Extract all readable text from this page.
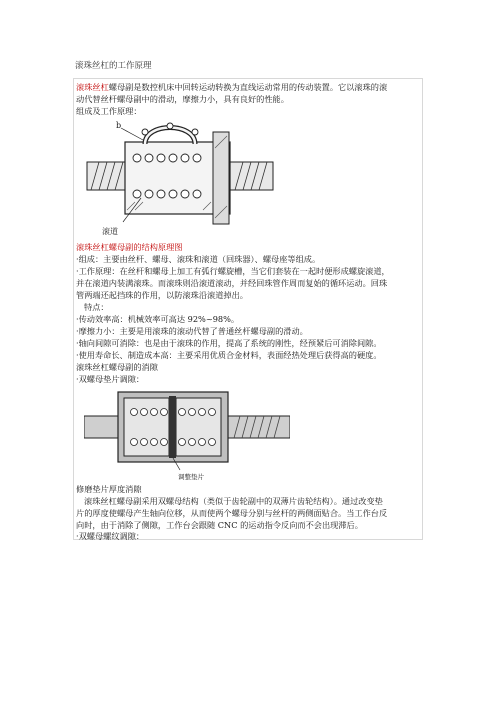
滚珠丝杠的工作原理
滚珠丝杠螺母副是数控机床中回转运动转换为直线运动常用的传动装置。它以滚珠的滚
动代替丝杆螺母副中的滑动，摩擦力小，具有良好的性能。
组成及工作原理：
b
滚道
滚珠丝杠螺母副的结构原理图
·组成：主要由丝杆、螺母、滚珠和滚道（回珠器）、螺母座等组成。
·工作原理：在丝杆和螺母上加工有弧行螺旋槽，当它们套装在一起时便形成螺旋滚道，
并在滚道内装满滚珠。而滚珠则沿滚道滚动，并经回珠管作周而复始的循环运动。回珠
管两端还起挡珠的作用，以防滚珠沿滚道掉出。
特点：
·传动效率高：机械效率可高达 92%~98%。
·摩擦力小：主要是用滚珠的滚动代替了普通丝杆螺母副的滑动。
·轴向间隙可消除：也是由于滚珠的作用，提高了系统的刚性，经预紧后可消除间隙。
·使用寿命长、制造成本高：主要采用优质合金材料，表面经热处理后获得高的硬度。
滚珠丝杠螺母副的消隙
·双螺母垫片调隙：
调整垫片
修磨垫片厚度消隙
滚珠丝杠螺母副采用双螺母结构（类似于齿轮副中的双薄片齿轮结构）。通过改变垫
片的厚度使螺母产生轴向位移，从而使两个螺母分别与丝杆的两侧面贴合。当工作台反
向时，由于消除了侧隙，工作台会跟随 CNC 的运动指令反向而不会出现滞后。
·双螺母螺纹调隙：
